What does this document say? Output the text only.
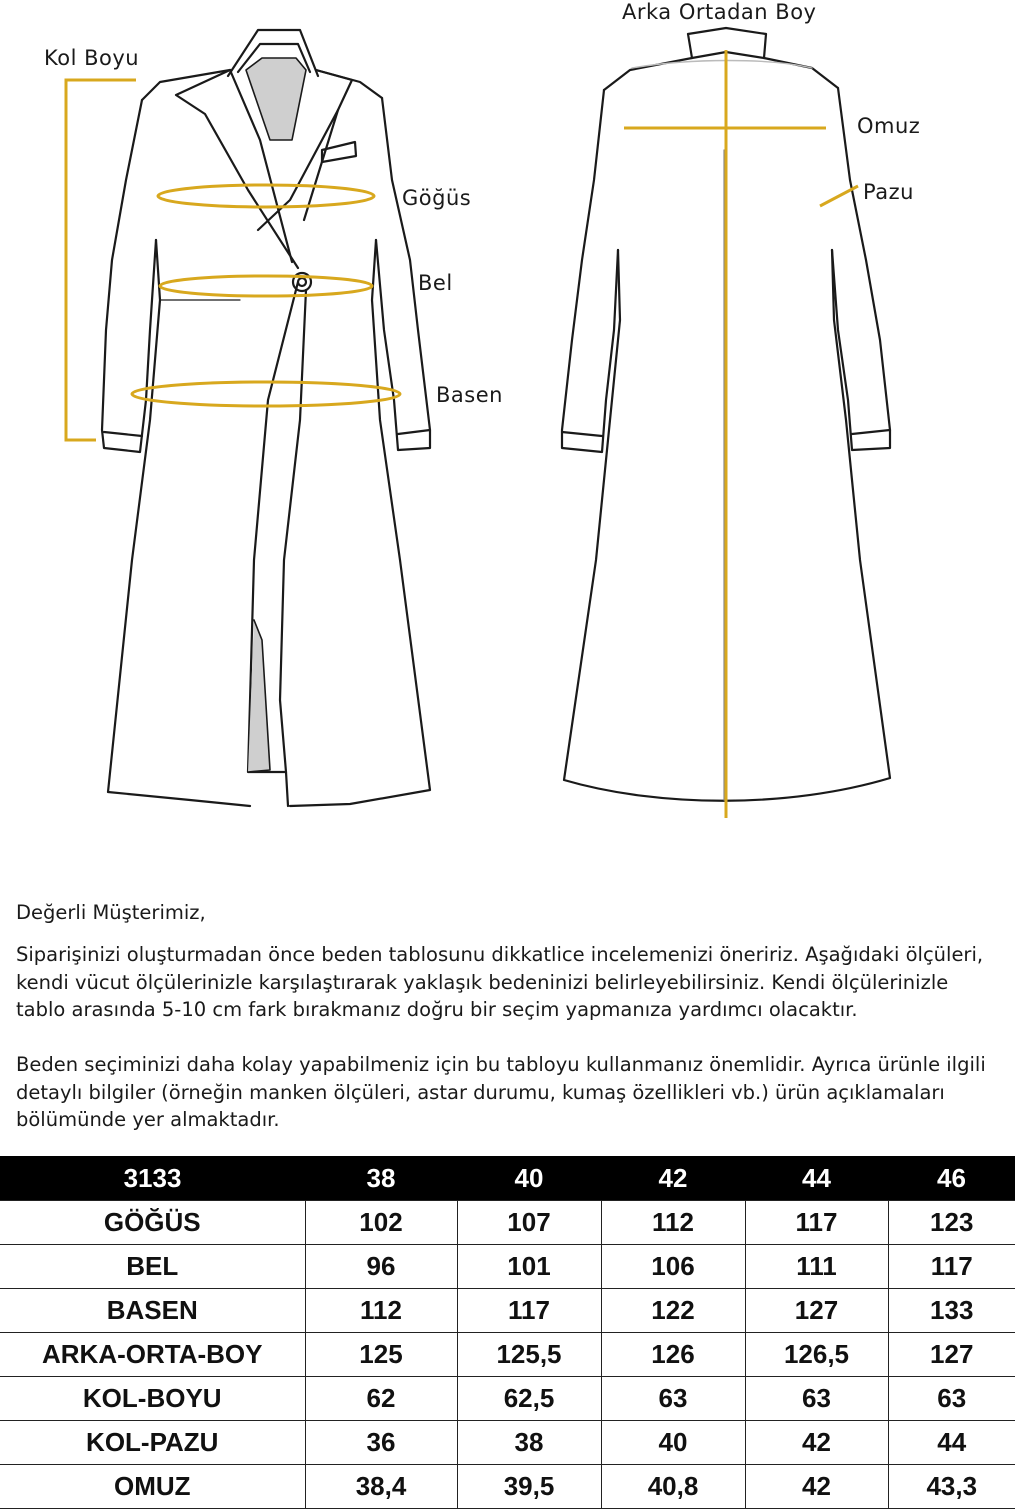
Kol Boyu
Göğüs
Bel
Basen
Arka Ortadan Boy
Omuz
Pazu
Değerli Müşterimiz,

Siparişinizi oluşturmadan önce beden tablosunu dikkatlice incelemenizi öneririz. Aşağıdaki ölçüleri, kendi vücut ölçülerinizle karşılaştırarak yaklaşık bedeninizi belirleyebilirsiniz. Kendi ölçülerinizle tablo arasında 5-10 cm fark bırakmanız doğru bir seçim yapmanıza yardımcı olacaktır.

Beden seçiminizi daha kolay yapabilmeniz için bu tabloyu kullanmanız önemlidir. Ayrıca ürünle ilgili detaylı bilgiler (örneğin manken ölçüleri, astar durumu, kumaş özellikleri vb.) ürün açıklamaları bölümünde yer almaktadır.

3133	38	40	42	44	46
GÖĞÜS	102	107	112	117	123
BEL	96	101	106	111	117
BASEN	112	117	122	127	133
ARKA-ORTA-BOY	125	125,5	126	126,5	127
KOL-BOYU	62	62,5	63	63	63
KOL-PAZU	36	38	40	42	44
OMUZ	38,4	39,5	40,8	42	43,3
